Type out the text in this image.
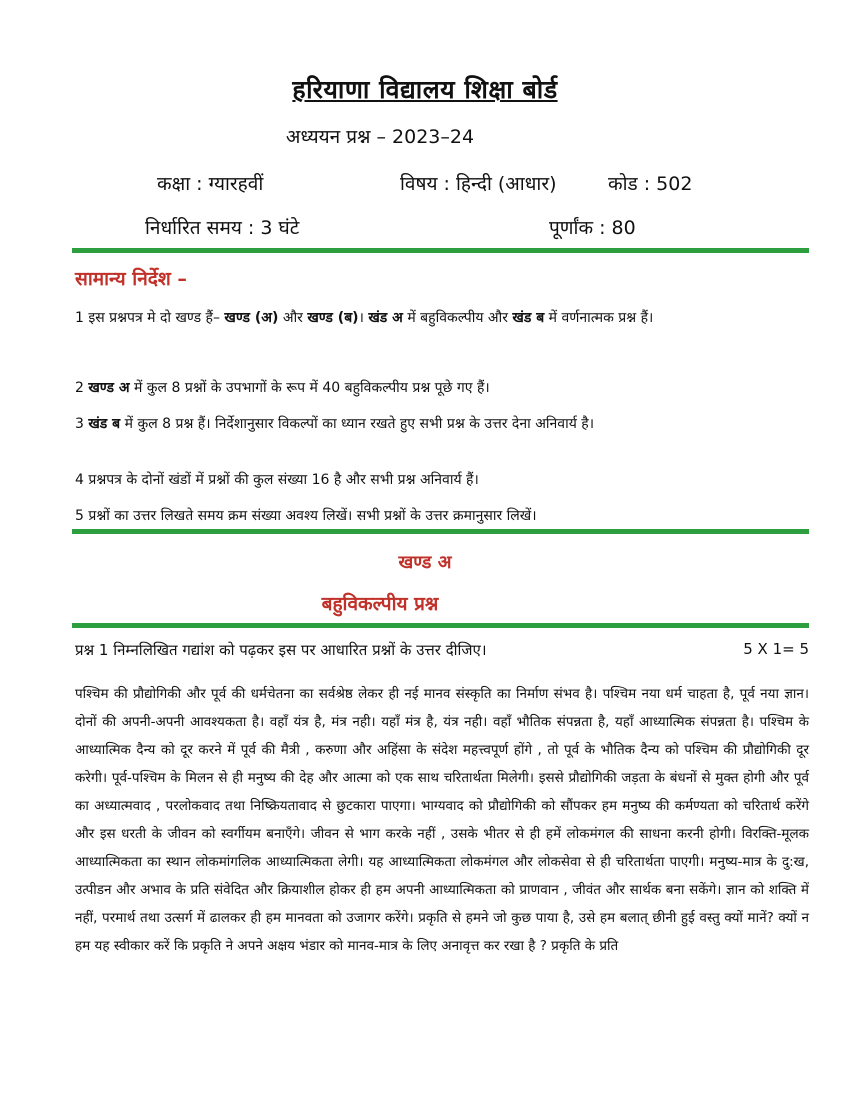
हरियाणा विद्यालय शिक्षा बोर्ड
अध्ययन प्रश्न – 2023–24
कक्षा : ग्यारहवीं	विषय : हिन्दी (आधार)	कोड : 502
निर्धारित समय : 3 घंटे	पूर्णांक : 80
सामान्य निर्देश –
1 इस प्रश्नपत्र मे दो खण्ड हैं– खण्ड (अ) और खण्ड (ब)। खंड अ में बहुविकल्पीय और खंड ब में वर्णनात्मक प्रश्न हैं।
2 खण्ड अ में कुल 8 प्रश्नों के उपभागों के रूप में 40 बहुविकल्पीय प्रश्न पूछे गए हैं।
3 खंड ब में कुल 8 प्रश्न हैं। निर्देशानुसार विकल्पों का ध्यान रखते हुए सभी प्रश्न के उत्तर देना अनिवार्य है।
4 प्रश्नपत्र के दोनों खंडों में प्रश्नों की कुल संख्या 16 है और सभी प्रश्न अनिवार्य हैं।
5 प्रश्नों का उत्तर लिखते समय क्रम संख्या अवश्य लिखें। सभी प्रश्नों के उत्तर क्रमानुसार लिखें।
खण्ड अ
बहुविकल्पीय प्रश्न
प्रश्न 1 निम्नलिखित गद्यांश को पढ़कर इस पर आधारित प्रश्नों के उत्तर दीजिए।	5 X 1= 5
पश्चिम की प्रौद्योगिकी और पूर्व की धर्मचेतना का सर्वश्रेष्ठ लेकर ही नई मानव संस्कृति का निर्माण संभव है। पश्चिम नया धर्म चाहता है, पूर्व नया ज्ञान। दोनों की अपनी-अपनी आवश्यकता है। वहाँ यंत्र है, मंत्र नही। यहाँ मंत्र है, यंत्र नही। वहाँ भौतिक संपन्नता है, यहाँ आध्यात्मिक संपन्नता है। पश्चिम के आध्यात्मिक दैन्य को दूर करने में पूर्व की मैत्री , करुणा और अहिंसा के संदेश महत्त्वपूर्ण होंगे , तो पूर्व के भौतिक दैन्य को पश्चिम की प्रौद्योगिकी दूर करेगी। पूर्व-पश्चिम के मिलन से ही मनुष्य की देह और आत्मा को एक साथ चरितार्थता मिलेगी। इससे प्रौद्योगिकी जड़ता के बंधनों से मुक्त होगी और पूर्व का अध्यात्मवाद , परलोकवाद तथा निष्क्रियतावाद से छुटकारा पाएगा। भाग्यवाद को प्रौद्योगिकी को सौंपकर हम मनुष्य की कर्मण्यता को चरितार्थ करेंगे और इस धरती के जीवन को स्वर्गीयम बनाएँगे। जीवन से भाग करके नहीं , उसके भीतर से ही हमें लोकमंगल की साधना करनी होगी। विरक्ति-मूलक आध्यात्मिकता का स्थान लोकमांगलिक आध्यात्मिकता लेगी। यह आध्यात्मिकता लोकमंगल और लोकसेवा से ही चरितार्थता पाएगी। मनुष्य-मात्र के दु:ख, उत्पीडन और अभाव के प्रति संवेदित और क्रियाशील होकर ही हम अपनी आध्यात्मिकता को प्राणवान , जीवंत और सार्थक बना सकेंगे। ज्ञान को शक्ति में नहीं, परमार्थ तथा उत्सर्ग में ढालकर ही हम मानवता को उजागर करेंगे। प्रकृति से हमने जो कुछ पाया है, उसे हम बलात् छीनी हुई वस्तु क्यों मानें? क्यों न हम यह स्वीकार करें कि प्रकृति ने अपने अक्षय भंडार को मानव-मात्र के लिए अनावृत्त कर रखा है ? प्रकृति के प्रति
